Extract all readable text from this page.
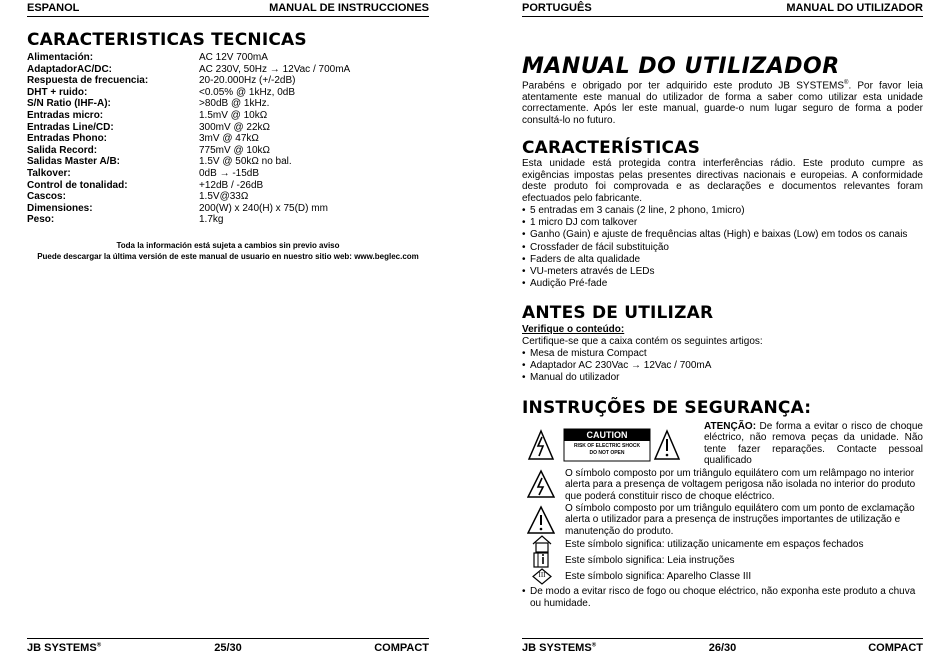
ESPANOL	MANUAL DE INSTRUCCIONES
CARACTERISTICAS TECNICAS
Alimentación:	AC 12V 700mA
AdaptadorAC/DC:	AC 230V, 50Hz → 12Vac / 700mA
Respuesta de frecuencia:	20-20.000Hz (+/-2dB)
DHT + ruido:	<0.05% @ 1kHz, 0dB
S/N Ratio (IHF-A):	>80dB @ 1kHz.
Entradas micro:	1.5mV @ 10kΩ
Entradas Line/CD:	300mV @ 22kΩ
Entradas Phono:	3mV @ 47kΩ
Salida Record:	775mV @ 10kΩ
Salidas Master A/B:	1.5V @ 50kΩ no bal.
Talkover:	0dB → -15dB
Control de tonalidad:	+12dB / -26dB
Cascos:	1.5V@33Ω
Dimensiones:	200(W) x 240(H) x 75(D) mm
Peso:	1.7kg
Toda la información está sujeta a cambios sin previo aviso
Puede descargar la última versión de este manual de usuario en nuestro sitio web: www.beglec.com
JB SYSTEMS®	25/30	COMPACT
PORTUGUÊS	MANUAL DO UTILIZADOR
MANUAL DO UTILIZADOR
Parabéns e obrigado por ter adquirido este produto JB SYSTEMS®. Por favor leia atentamente este manual do utilizador de forma a saber como utilizar esta unidade correctamente. Após ler este manual, guarde-o num lugar seguro de forma a poder consultá-lo no futuro.
CARACTERÍSTICAS
Esta unidade está protegida contra interferências rádio. Este produto cumpre as exigências impostas pelas presentes directivas nacionais e europeias. A conformidade deste produto foi comprovada e as declarações e documentos relevantes foram efectuados pelo fabricante.
• 5 entradas em 3 canais (2 line, 2 phono, 1micro)
• 1 micro DJ com talkover
• Ganho (Gain) e ajuste de frequências altas (High) e baixas (Low) em todos os canais
• Crossfader de fácil substituição
• Faders de alta qualidade
• VU-meters através de LEDs
• Audição Pré-fade
ANTES DE UTILIZAR
Verifique o conteúdo:
Certifique-se que a caixa contém os seguintes artigos:
• Mesa de mistura Compact
• Adaptador AC 230Vac → 12Vac / 700mA
• Manual do utilizador
INSTRUÇÕES DE SEGURANÇA:
CAUTION
RISK OF ELECTRIC SHOCK
DO NOT OPEN
ATENÇÃO: De forma a evitar o risco de choque eléctrico, não remova peças da unidade. Não tente fazer reparações. Contacte pessoal qualificado
O símbolo composto por um triângulo equilátero com um relâmpago no interior alerta para a presença de voltagem perigosa não isolada no interior do produto que poderá constituir risco de choque eléctrico.
O símbolo composto por um triângulo equilátero com um ponto de exclamação alerta o utilizador para a presença de instruções importantes de utilização e manutenção do produto.
Este símbolo significa: utilização unicamente em espaços fechados
Este símbolo significa: Leia instruções
III	Este símbolo significa: Aparelho Classe III
• De modo a evitar risco de fogo ou choque eléctrico, não exponha este produto a chuva ou humidade.
JB SYSTEMS®	26/30	COMPACT
